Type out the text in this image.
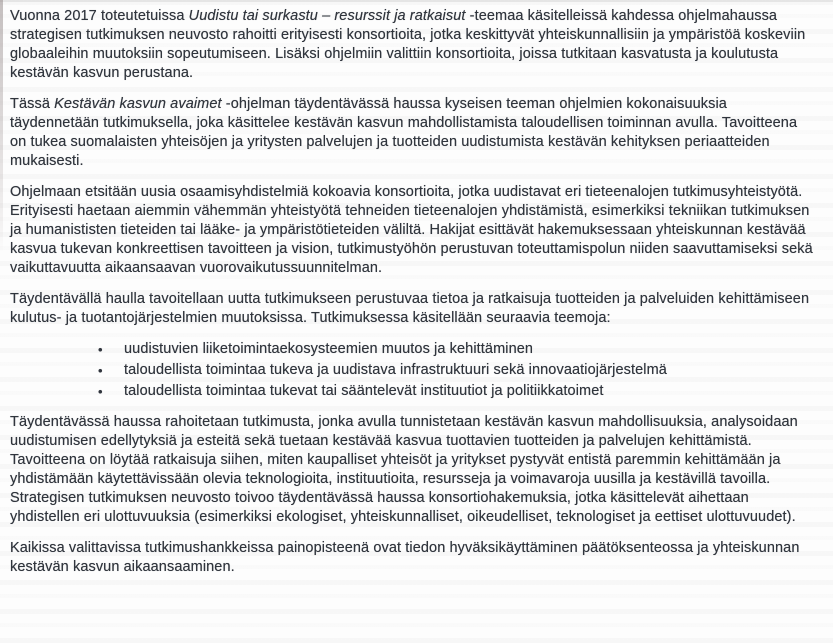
Vuonna 2017 toteutetuissa Uudistu tai surkastu – resurssit ja ratkaisut -teemaa käsitelleissä kahdessa ohjelmahaussa strategisen tutkimuksen neuvosto rahoitti erityisesti konsortioita, jotka keskittyvät yhteiskunnallisiin ja ympäristöä koskeviin globaaleihin muutoksiin sopeutumiseen. Lisäksi ohjelmiin valittiin konsortioita, joissa tutkitaan kasvatusta ja koulutusta kestävän kasvun perustana.

Tässä Kestävän kasvun avaimet -ohjelman täydentävässä haussa kyseisen teeman ohjelmien kokonaisuuksia täydennetään tutkimuksella, joka käsittelee kestävän kasvun mahdollistamista taloudellisen toiminnan avulla. Tavoitteena on tukea suomalaisten yhteisöjen ja yritysten palvelujen ja tuotteiden uudistumista kestävän kehityksen periaatteiden mukaisesti.

Ohjelmaan etsitään uusia osaamisyhdistelmiä kokoavia konsortioita, jotka uudistavat eri tieteenalojen tutkimusyhteistyötä. Erityisesti haetaan aiemmin vähemmän yhteistyötä tehneiden tieteenalojen yhdistämistä, esimerkiksi tekniikan tutkimuksen ja humanististen tieteiden tai lääke- ja ympäristötieteiden väliltä. Hakijat esittävät hakemuksessaan yhteiskunnan kestävää kasvua tukevan konkreettisen tavoitteen ja vision, tutkimustyöhön perustuvan toteuttamispolun niiden saavuttamiseksi sekä vaikuttavuutta aikaansaavan vuorovaikutussuunnitelman.

Täydentävällä haulla tavoitellaan uutta tutkimukseen perustuvaa tietoa ja ratkaisuja tuotteiden ja palveluiden kehittämiseen kulutus- ja tuotantojärjestelmien muutoksissa. Tutkimuksessa käsitellään seuraavia teemoja:

•	uudistuvien liiketoimintaekosysteemien muutos ja kehittäminen
•	taloudellista toimintaa tukeva ja uudistava infrastruktuuri sekä innovaatiojärjestelmä
•	taloudellista toimintaa tukevat tai sääntelevät instituutiot ja politiikkatoimet

Täydentävässä haussa rahoitetaan tutkimusta, jonka avulla tunnistetaan kestävän kasvun mahdollisuuksia, analysoidaan uudistumisen edellytyksiä ja esteitä sekä tuetaan kestävää kasvua tuottavien tuotteiden ja palvelujen kehittämistä. Tavoitteena on löytää ratkaisuja siihen, miten kaupalliset yhteisöt ja yritykset pystyvät entistä paremmin kehittämään ja yhdistämään käytettävissään olevia teknologioita, instituutioita, resursseja ja voimavaroja uusilla ja kestävillä tavoilla. Strategisen tutkimuksen neuvosto toivoo täydentävässä haussa konsortiohakemuksia, jotka käsittelevät aihettaan yhdistellen eri ulottuvuuksia (esimerkiksi ekologiset, yhteiskunnalliset, oikeudelliset, teknologiset ja eettiset ulottuvuudet).

Kaikissa valittavissa tutkimushankkeissa painopisteenä ovat tiedon hyväksikäyttäminen päätöksenteossa ja yhteiskunnan kestävän kasvun aikaansaaminen.
